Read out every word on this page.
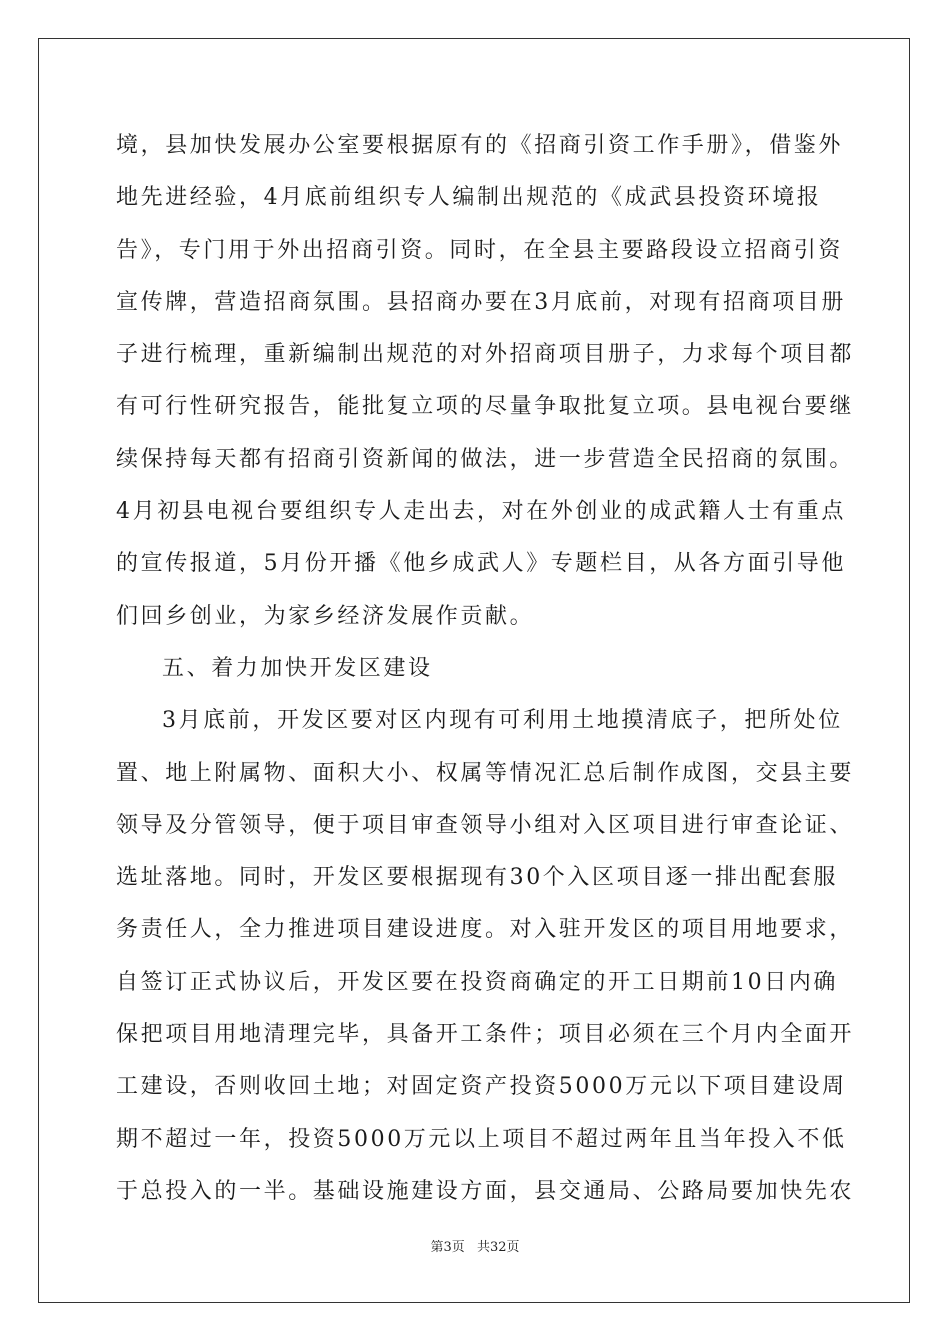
境，县加快发展办公室要根据原有的《招商引资工作手册》，借鉴外
地先进经验，4月底前组织专人编制出规范的《成武县投资环境报
告》，专门用于外出招商引资。同时，在全县主要路段设立招商引资
宣传牌，营造招商氛围。县招商办要在3月底前，对现有招商项目册
子进行梳理，重新编制出规范的对外招商项目册子，力求每个项目都
有可行性研究报告，能批复立项的尽量争取批复立项。县电视台要继
续保持每天都有招商引资新闻的做法，进一步营造全民招商的氛围。
4月初县电视台要组织专人走出去，对在外创业的成武籍人士有重点
的宣传报道，5月份开播《他乡成武人》专题栏目，从各方面引导他
们回乡创业，为家乡经济发展作贡献。
五、着力加快开发区建设
3月底前，开发区要对区内现有可利用土地摸清底子，把所处位
置、地上附属物、面积大小、权属等情况汇总后制作成图，交县主要
领导及分管领导，便于项目审查领导小组对入区项目进行审查论证、
选址落地。同时，开发区要根据现有30个入区项目逐一排出配套服
务责任人，全力推进项目建设进度。对入驻开发区的项目用地要求，
自签订正式协议后，开发区要在投资商确定的开工日期前10日内确
保把项目用地清理完毕，具备开工条件；项目必须在三个月内全面开
工建设，否则收回土地；对固定资产投资5000万元以下项目建设周
期不超过一年，投资5000万元以上项目不超过两年且当年投入不低
于总投入的一半。基础设施建设方面，县交通局、公路局要加快先农
第3页 共32页
